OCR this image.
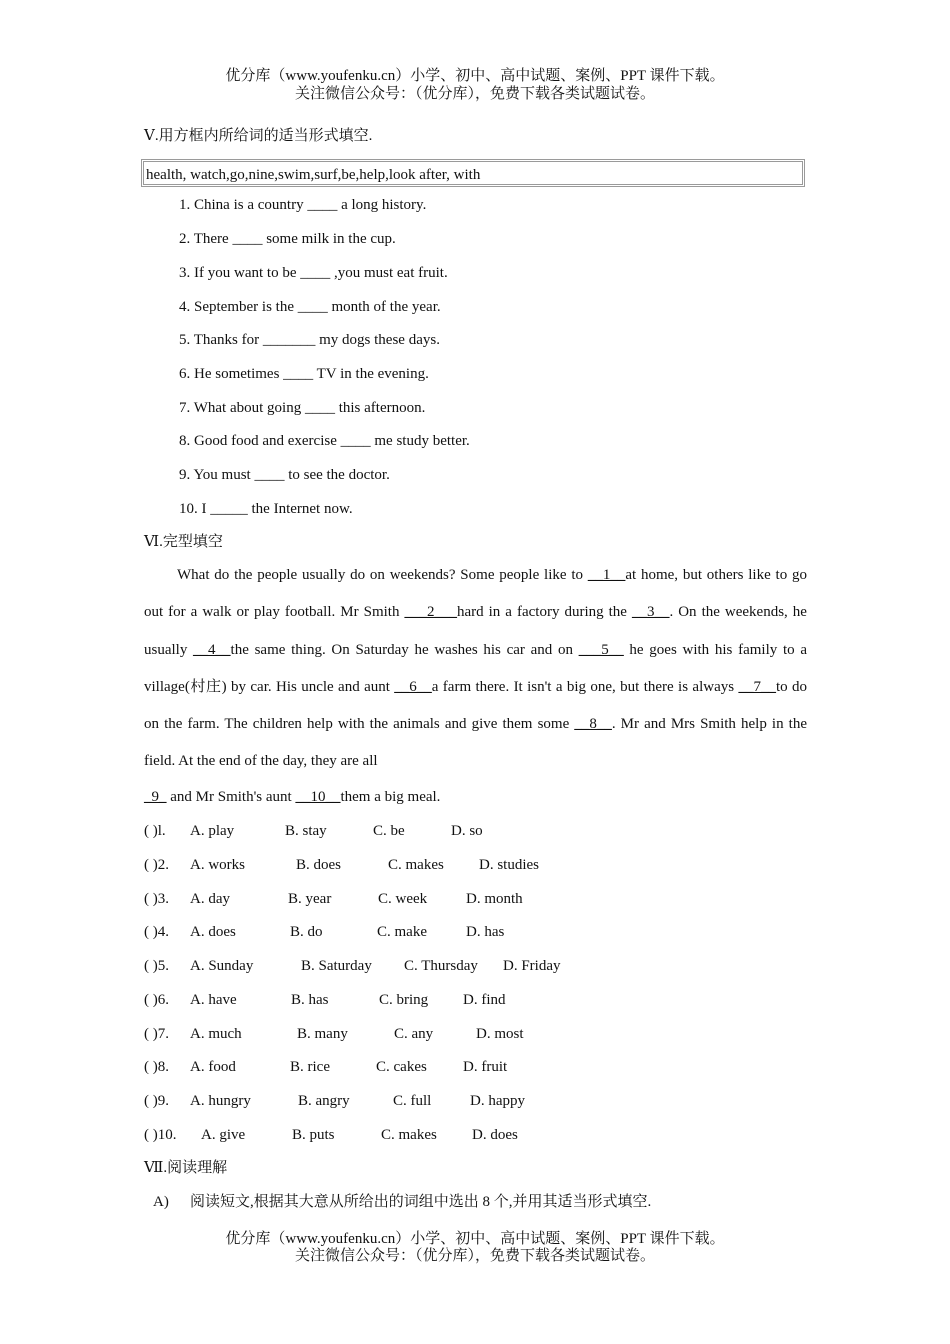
优分库（www.youfenku.cn）小学、初中、高中试题、案例、PPT 课件下载。
关注微信公众号：（优分库），免费下载各类试题试卷。
Ⅴ.用方框内所给词的适当形式填空.
health, watch,go,nine,swim,surf,be,help,look after, with
1. China is a country ____ a long history.
2. There ____ some milk in the cup.
3. If you want to be ____ ,you must eat fruit.
4. September is the ____ month of the year.
5. Thanks for _______ my dogs these days.
6. He sometimes ____ TV in the evening.
7. What about going ____ this afternoon.
8. Good food and exercise ____ me study better.
9. You must ____ to see the doctor.
10. I _____ the Internet now.
Ⅵ.完型填空
What do the people usually do on weekends? Some people like to __1__at home, but others like to go out for a walk or play football. Mr Smith ___2___hard in a factory during the __3__. On the weekends, he usually __4__the same thing. On Saturday he washes his car and on ___5__ he goes with his family to a village(村庄) by car. His uncle and aunt __6__a farm there. It isn't a big one, but there is always __7__to do on the farm. The children help with the animals and give them some __8__. Mr and Mrs Smith help in the field. At the end of the day, they are all
_9_ and Mr Smith's aunt __10__them a big meal.
( )l. A. play	B. stay	C. be	D. so
( )2. A. works	B. does	C. makes D. studies
( )3. A. day	B. year	C. week	D. month
( )4. A. does	B. do	C. make	D. has
( )5. A. Sunday	B. Saturday C. Thursday D. Friday
( )6. A. have	B. has	C. bring D. find
( )7. A. much	B. many	C. any	D. most
( )8. A. food	B. rice	C. cakes D. fruit
( )9. A. hungry	B. angry	C. full	D. happy
( )10. A. give	B. puts	C. makes D. does
Ⅶ.阅读理解
A) 阅读短文,根据其大意从所给出的词组中选出 8 个,并用其适当形式填空.
优分库（www.youfenku.cn）小学、初中、高中试题、案例、PPT 课件下载。
关注微信公众号：（优分库），免费下载各类试题试卷。
